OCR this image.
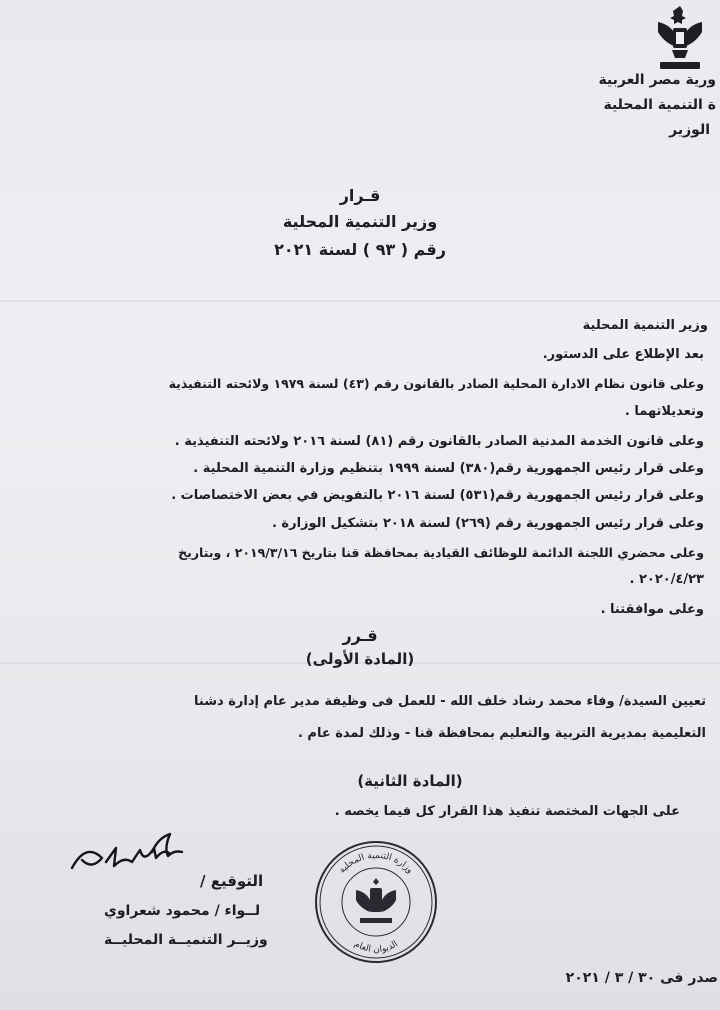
ورية مصر العربية
ة التنمية المحلية
الوزير
قـرار
وزير التنمية المحلية
رقم ( ٩٣ ) لسنة ٢٠٢١
وزير التنمية المحلية
بعد الإطلاع على الدستور.
وعلى قانون نظام الادارة المحلية الصادر بالقانون رقم (٤٣) لسنة ١٩٧٩ ولائحته التنفيذية
وتعديلاتهما .
وعلى قانون الخدمة المدنية الصادر بالقانون رقم (٨١) لسنة ٢٠١٦ ولائحته التنفيذية .
وعلى قرار رئيس الجمهورية رقم(٣٨٠) لسنة ١٩٩٩ بتنظيم وزارة التنمية المحلية .
وعلى قرار رئيس الجمهورية رقم(٥٣١) لسنة ٢٠١٦ بالتفويض في بعض الاختصاصات .
وعلى قرار رئيس الجمهورية رقم (٢٦٩) لسنة ٢٠١٨ بتشكيل الوزارة .
وعلى محضري اللجنة الدائمة للوظائف القيادية بمحافظة قنا بتاريخ ٢٠١٩/٣/١٦ ، وبتاريخ
٢٠٢٠/٤/٢٣ .
وعلى موافقتنا .
قـرر
(المادة الأولى)
تعيين السيدة/ وفاء محمد رشاد خلف الله - للعمل فى وظيفة مدير عام إدارة دشنا
التعليمية بمديرية التربية والتعليم بمحافظة قنا - وذلك لمدة عام .
(المادة الثانية)
على الجهات المختصة تنفيذ هذا القرار كل فيما يخصه .
التوقيع /
لــواء / محمود شعراوي
وزيــر التنميــة المحليــة
وزارة التنمية المحلية
الديوان العام
صدر فى ٣٠ / ٣ / ٢٠٢١
